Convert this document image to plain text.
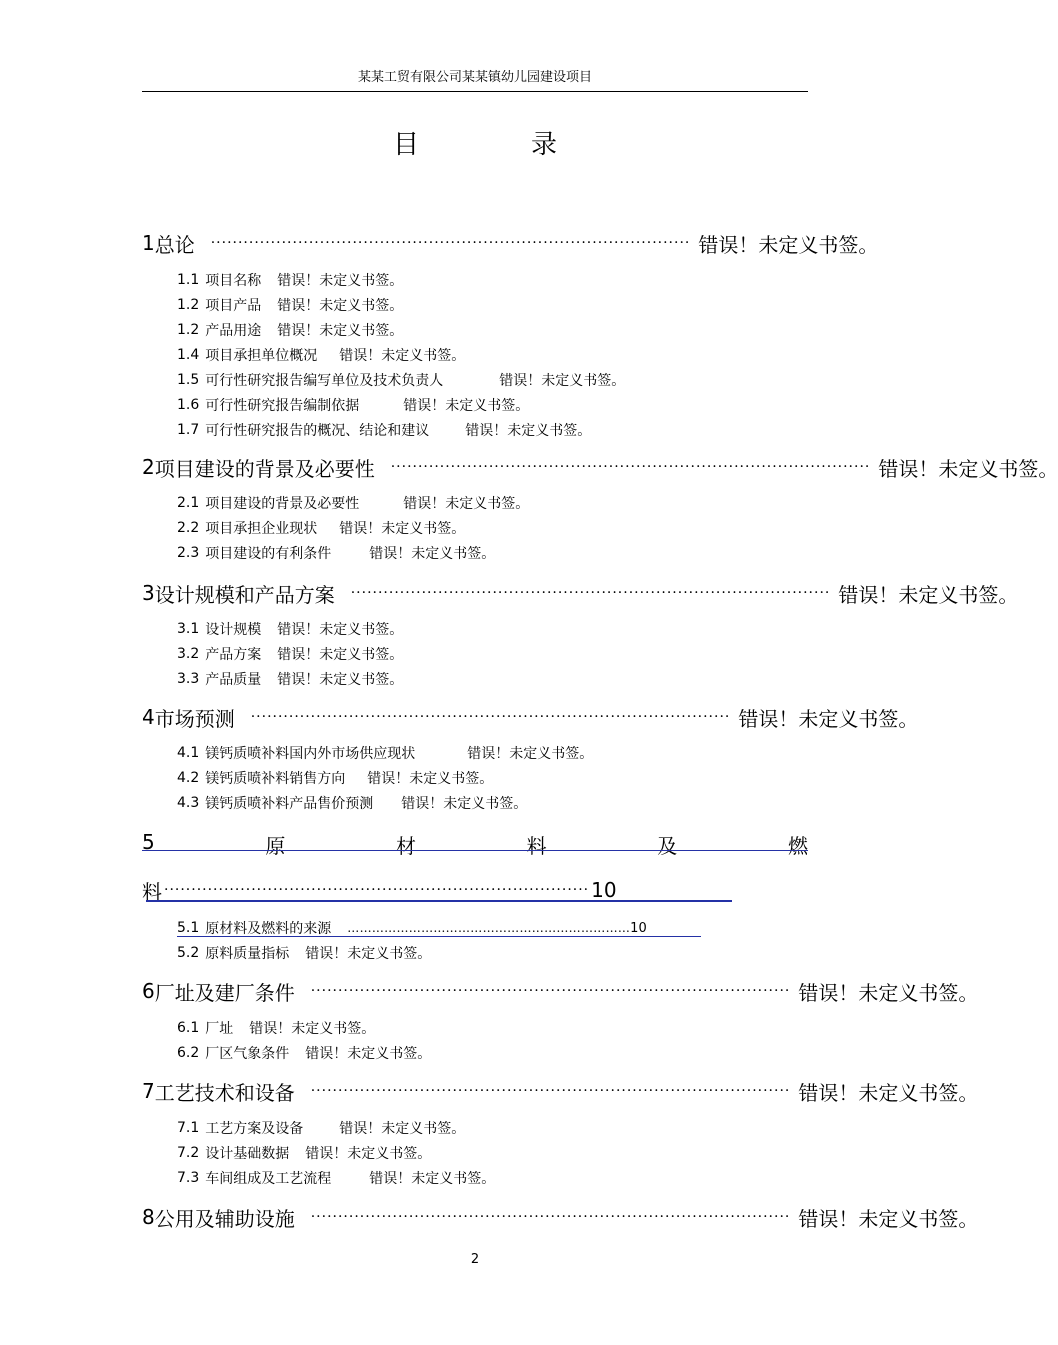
某某工贸有限公司某某镇幼儿园建设项目
目录
1 总论 ························································································ 错误！未定义书签。
1.1 项目名称 错误！未定义书签。
1.2 项目产品 错误！未定义书签。
1.2 产品用途 错误！未定义书签。
1.4 项目承担单位概况 错误！未定义书签。
1.5 可行性研究报告编写单位及技术负责人	错误！未定义书签。
1.6 可行性研究报告编制依据	错误！未定义书签。
1.7 可行性研究报告的概况、结论和建议	错误！未定义书签。
2 项目建设的背景及必要性 ························································································ 错误！未定义书签。
2.1 项目建设的背景及必要性	错误！未定义书签。
2.2 项目承担企业现状 错误！未定义书签。
2.3 项目建设的有利条件	错误！未定义书签。
3 设计规模和产品方案 ························································································ 错误！未定义书签。
3.1 设计规模 错误！未定义书签。
3.2 产品方案 错误！未定义书签。
3.3 产品质量 错误！未定义书签。
4 市场预测 ························································································ 错误！未定义书签。
4.1 镁钙质喷补料国内外市场供应现状	错误！未定义书签。
4.2 镁钙质喷补料销售方向 错误！未定义书签。
4.3 镁钙质喷补料产品售价预测 错误！未定义书签。
5	原	材	料	及	燃
料 ·············································································· 10
5.1 原材料及燃料的来源 …………………………………………………………… 10
5.2 原料质量指标 错误！未定义书签。
6 厂址及建厂条件 ························································································ 错误！未定义书签。
6.1 厂址 错误！未定义书签。
6.2 厂区气象条件 错误！未定义书签。
7 工艺技术和设备 ························································································ 错误！未定义书签。
7.1 工艺方案及设备	错误！未定义书签。
7.2 设计基础数据 错误！未定义书签。
7.3 车间组成及工艺流程	错误！未定义书签。
8 公用及辅助设施 ························································································ 错误！未定义书签。
2
